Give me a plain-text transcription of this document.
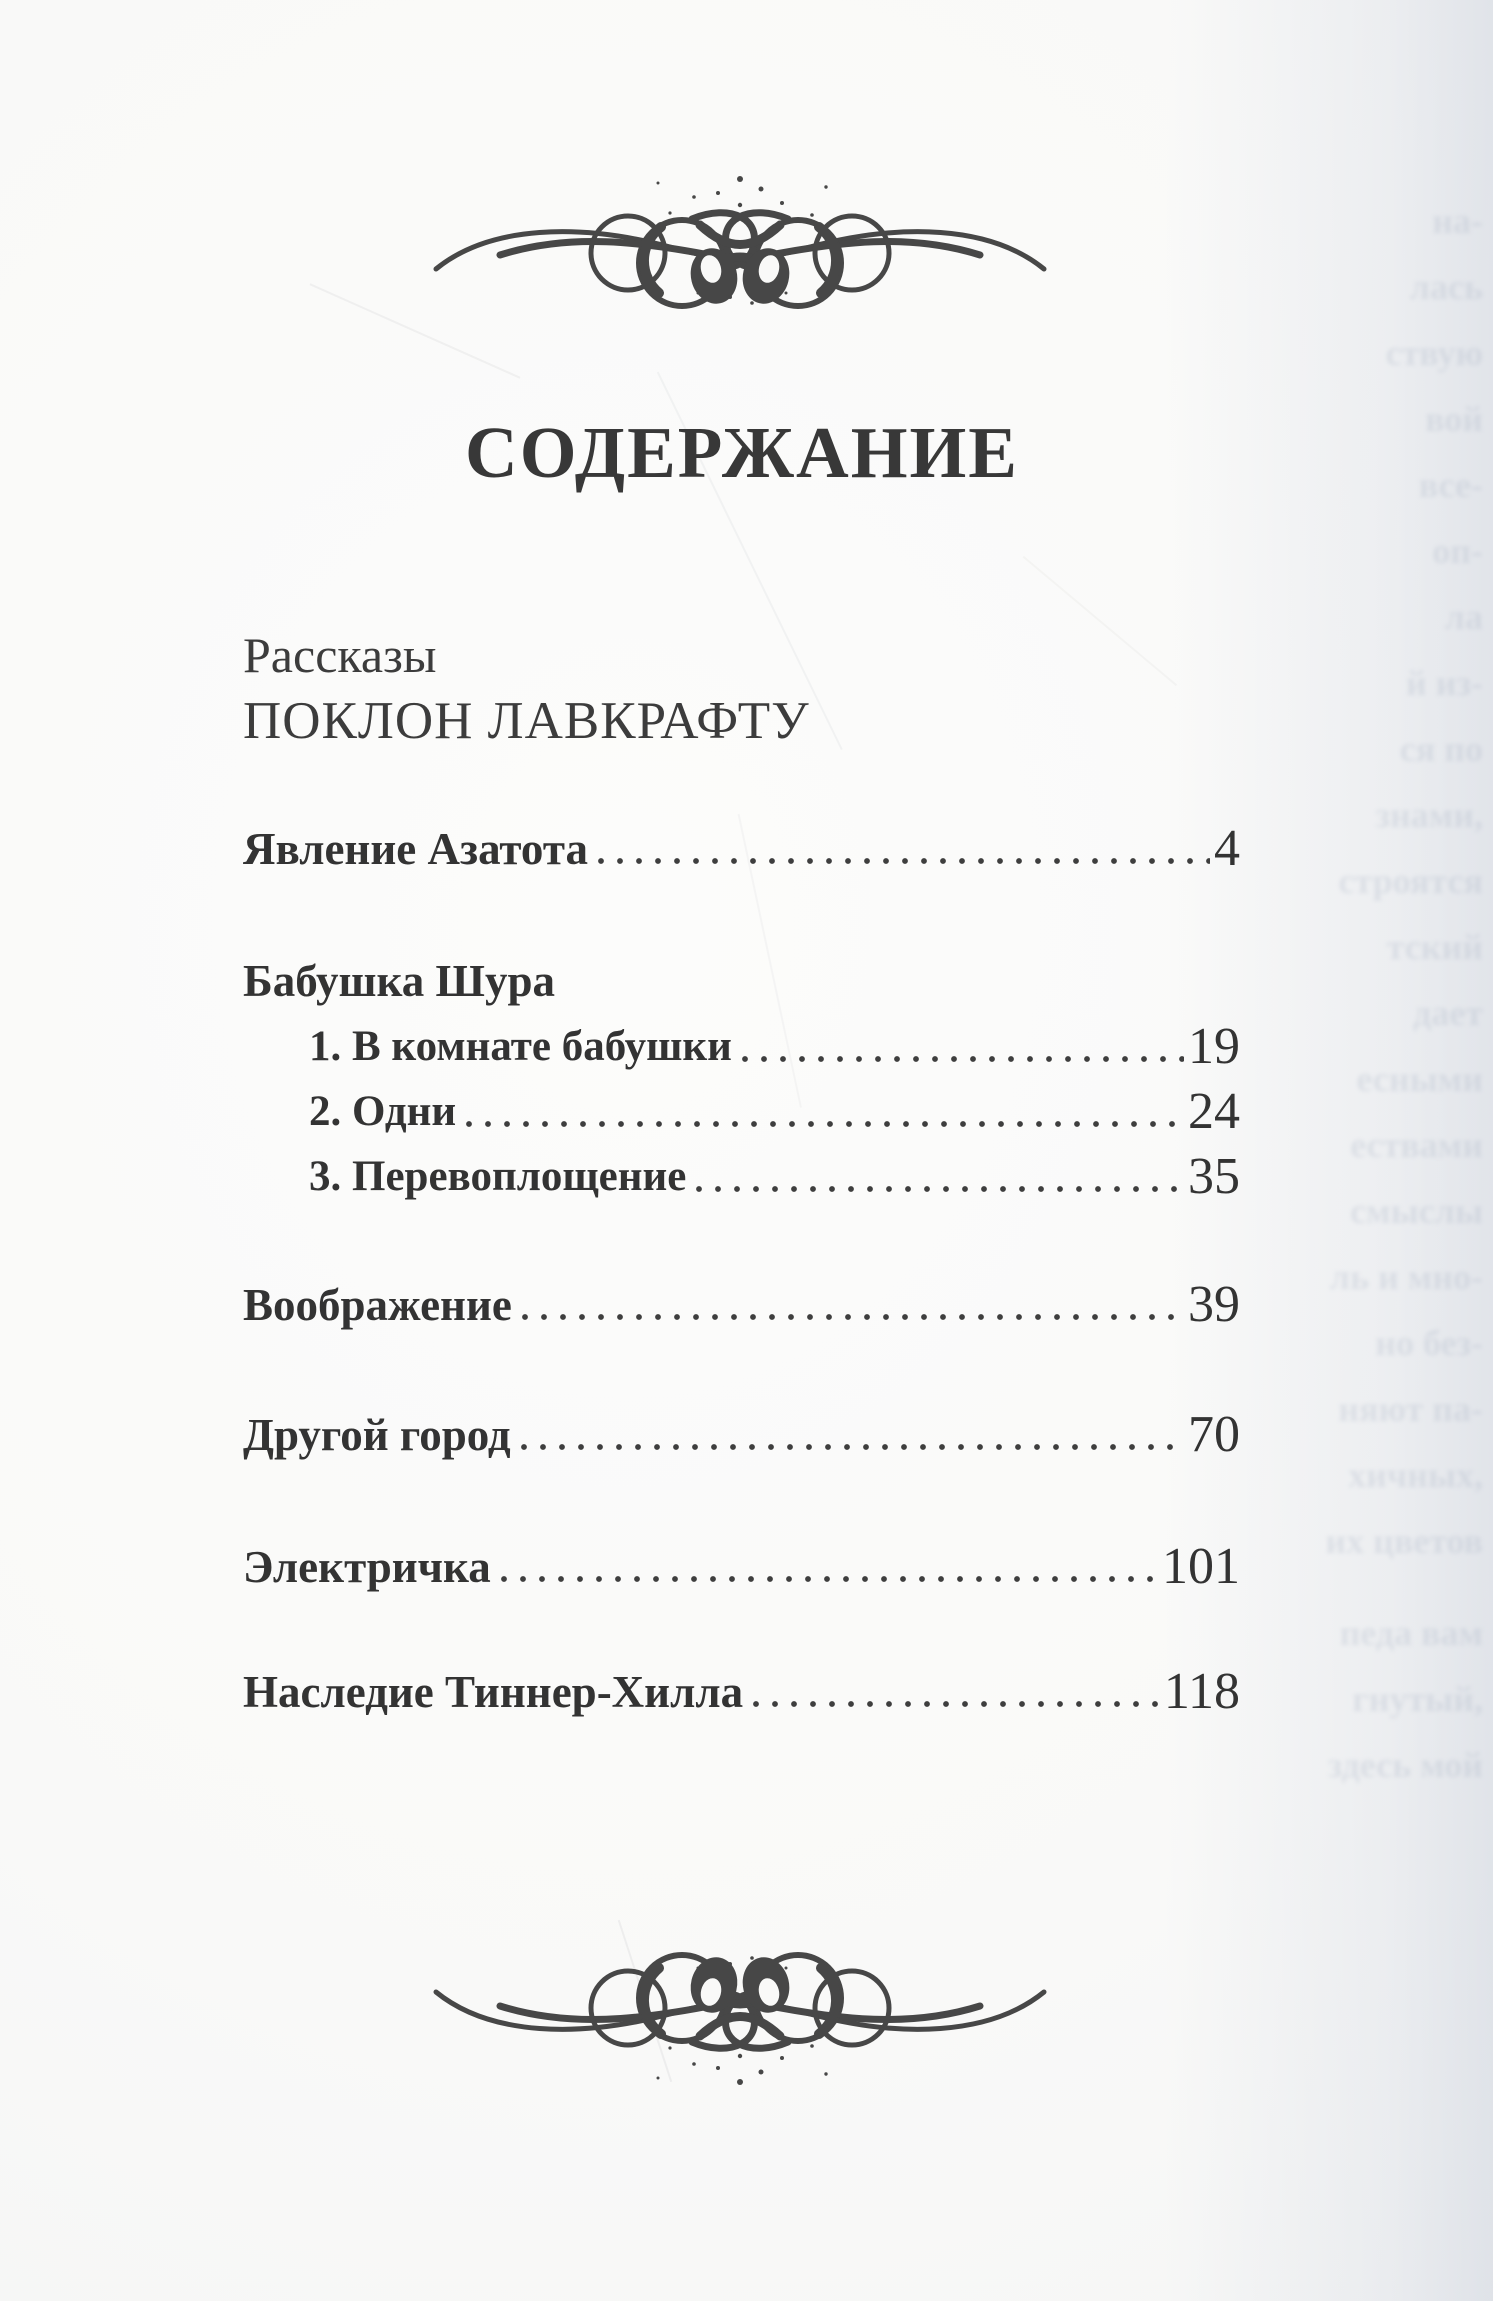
СОДЕРЖАНИЕ
Рассказы
ПОКЛОН ЛАВКРАФТУ
Явление Азатота	4
Бабушка Шура
1. В комнате бабушки	19
2. Одни	24
3. Перевоплощение	35
Воображение	39
Другой город	70
Электричка	101
Наследие Тиннер-Хилла	118
на-
лась
ствую
вой
все-
оп-
ла
й из-
ся по
знами,
строятся
тский
дает
есными
ествами
смыслы
ль и мно-
но без-
няют па-
хичных,
их цветов
педа вам
гнутый,
здесь мой
